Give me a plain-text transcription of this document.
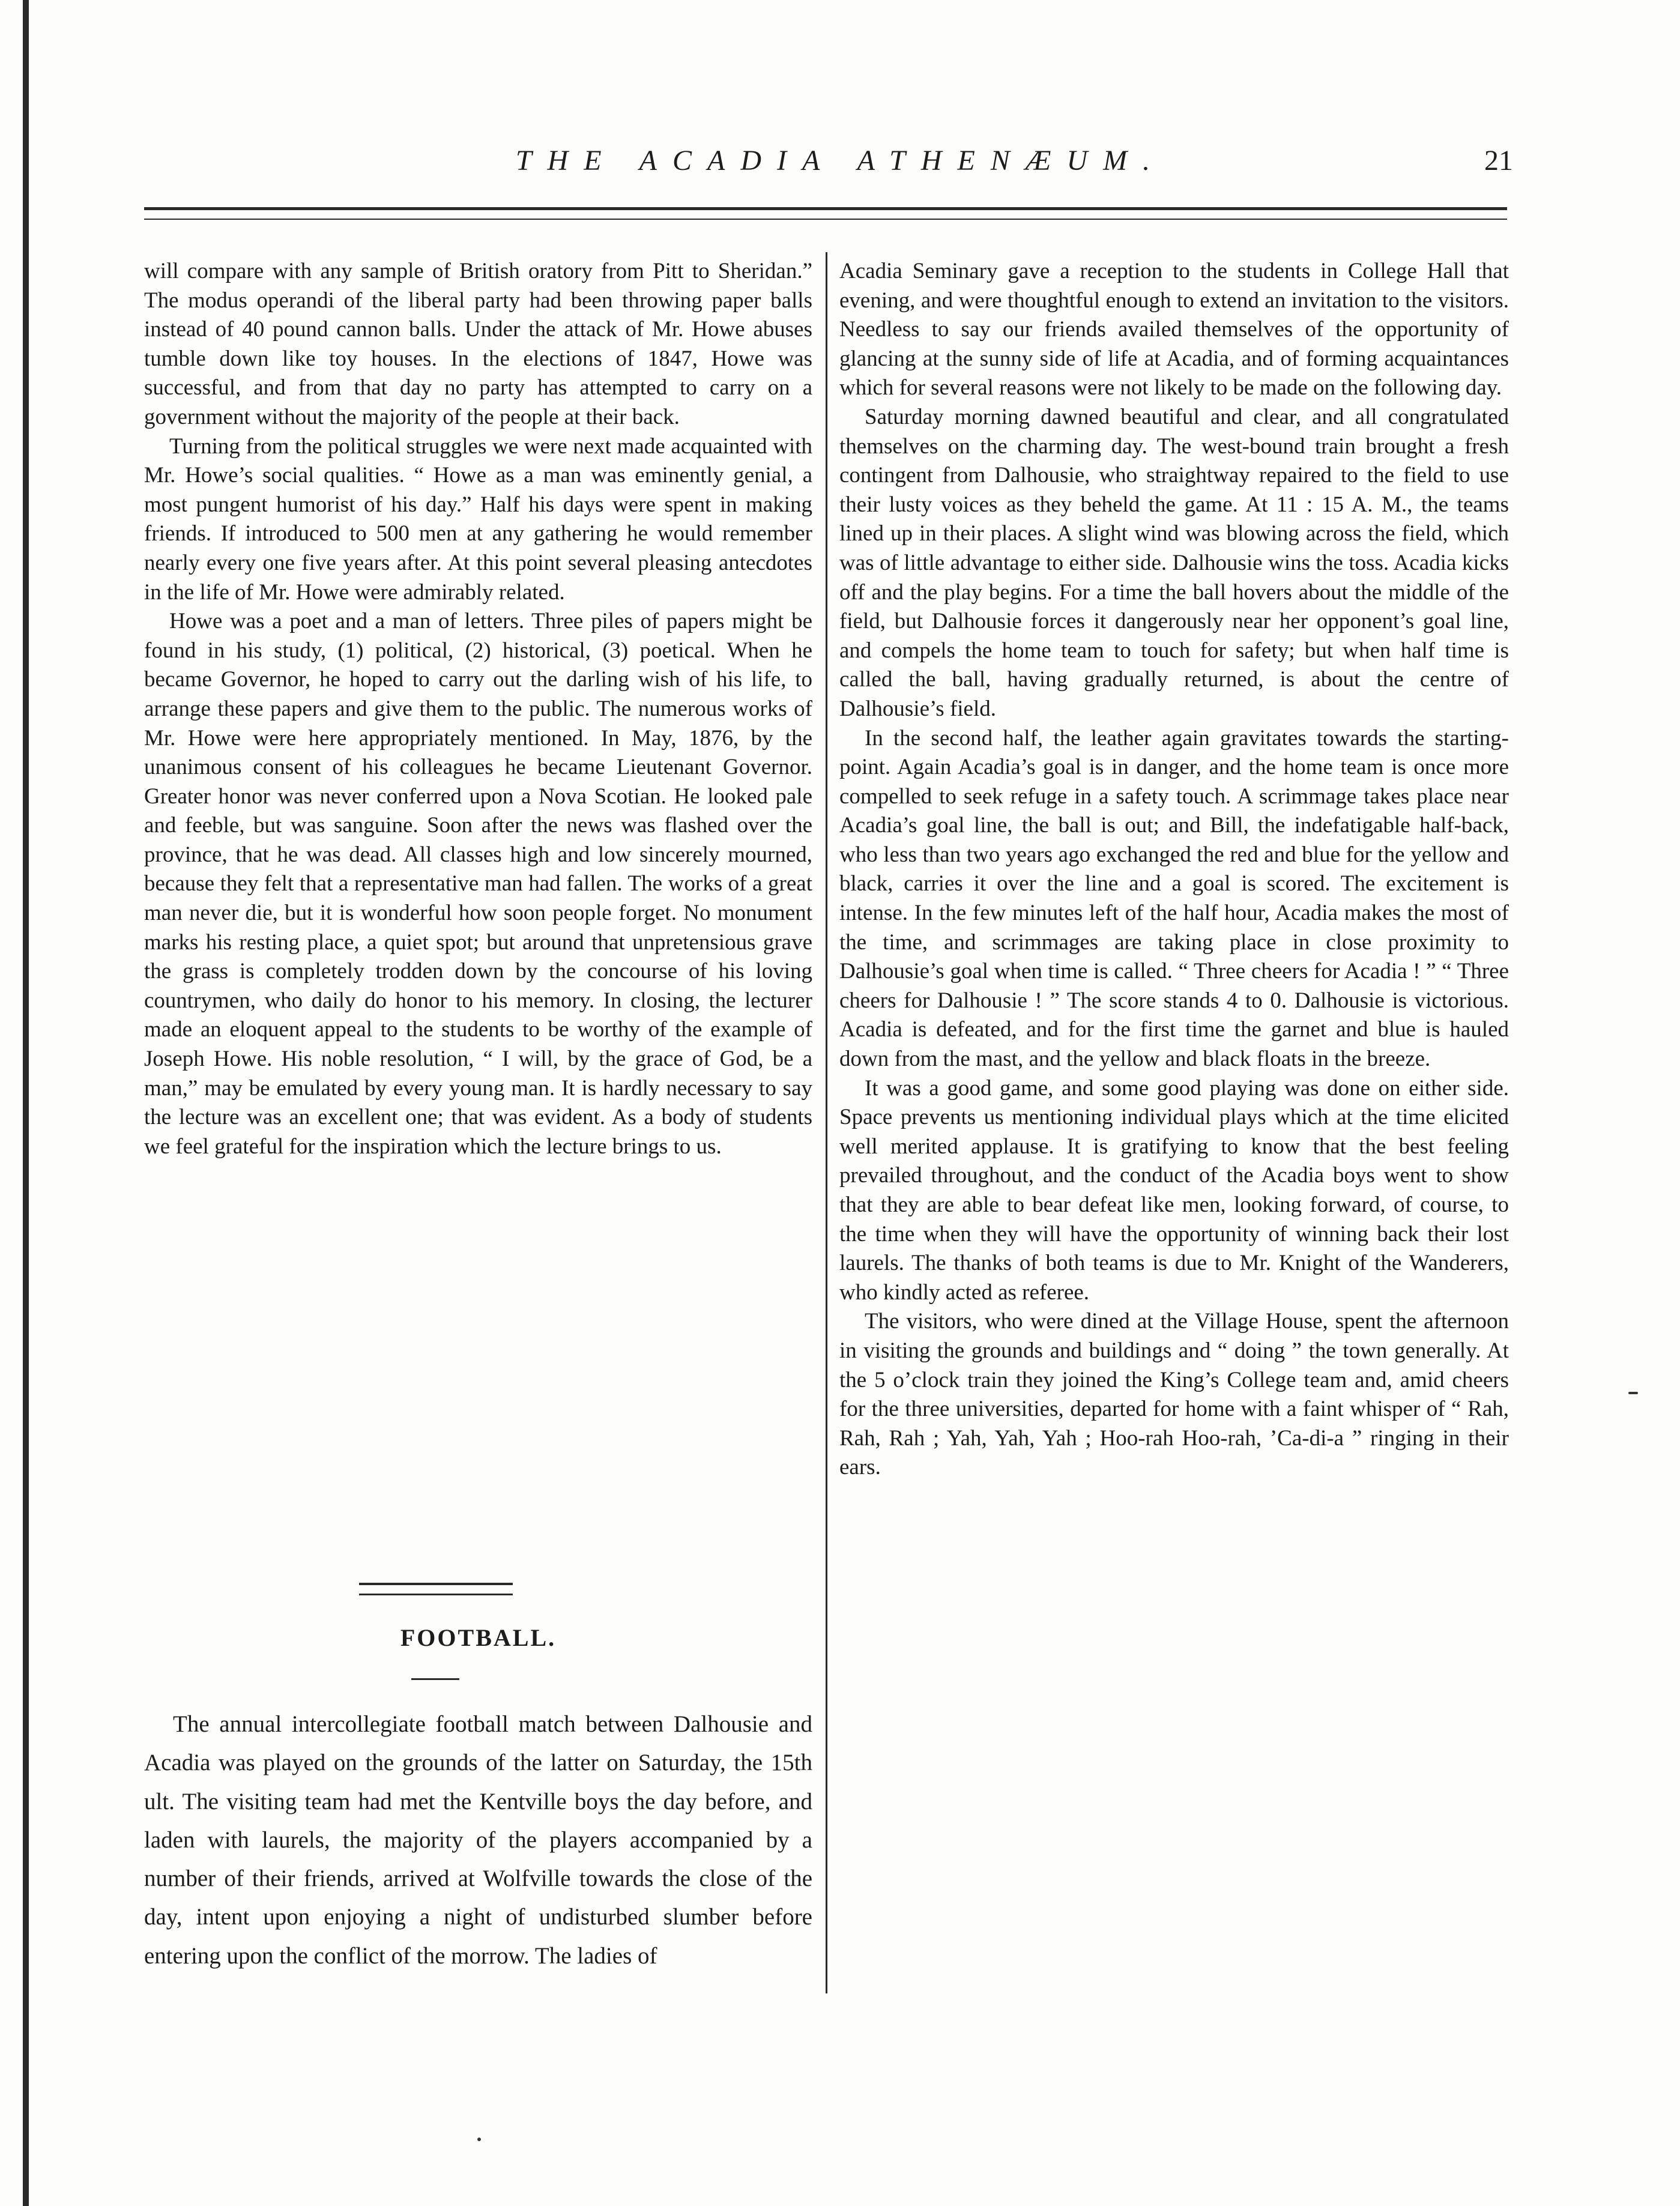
THE ACADIA ATHENÆUM.	21

will compare with any sample of British oratory from Pitt to Sheridan.” The modus operandi of the liberal party had been throwing paper balls instead of 40 pound cannon balls. Under the attack of Mr. Howe abuses tumble down like toy houses. In the elections of 1847, Howe was successful, and from that day no party has attempted to carry on a government without the majority of the people at their back.

Turning from the political struggles we were next made acquainted with Mr. Howe’s social qualities. “ Howe as a man was eminently genial, a most pungent humorist of his day.” Half his days were spent in making friends. If introduced to 500 men at any gathering he would remember nearly every one five years after. At this point several pleasing antecdotes in the life of Mr. Howe were admirably related.

Howe was a poet and a man of letters. Three piles of papers might be found in his study, (1) political, (2) historical, (3) poetical. When he became Governor, he hoped to carry out the darling wish of his life, to arrange these papers and give them to the public. The numerous works of Mr. Howe were here appropriately mentioned. In May, 1876, by the unanimous consent of his colleagues he became Lieutenant Governor. Greater honor was never conferred upon a Nova Scotian. He looked pale and feeble, but was sanguine. Soon after the news was flashed over the province, that he was dead. All classes high and low sincerely mourned, because they felt that a representative man had fallen. The works of a great man never die, but it is wonderful how soon people forget. No monument marks his resting place, a quiet spot; but around that unpretensious grave the grass is completely trodden down by the concourse of his loving countrymen, who daily do honor to his memory. In closing, the lecturer made an eloquent appeal to the students to be worthy of the example of Joseph Howe. His noble resolution, “ I will, by the grace of God, be a man,” may be emulated by every young man. It is hardly necessary to say the lecture was an excellent one; that was evident. As a body of students we feel grateful for the inspiration which the lecture brings to us.

FOOTBALL.

The annual intercollegiate football match between Dalhousie and Acadia was played on the grounds of the latter on Saturday, the 15th ult. The visiting team had met the Kentville boys the day before, and laden with laurels, the majority of the players accompanied by a number of their friends, arrived at Wolfville towards the close of the day, intent upon enjoying a night of undisturbed slumber before entering upon the conflict of the morrow. The ladies of

Acadia Seminary gave a reception to the students in College Hall that evening, and were thoughtful enough to extend an invitation to the visitors. Needless to say our friends availed themselves of the opportunity of glancing at the sunny side of life at Acadia, and of forming acquaintances which for several reasons were not likely to be made on the following day.

Saturday morning dawned beautiful and clear, and all congratulated themselves on the charming day. The west-bound train brought a fresh contingent from Dalhousie, who straightway repaired to the field to use their lusty voices as they beheld the game. At 11 : 15 A. M., the teams lined up in their places. A slight wind was blowing across the field, which was of little advantage to either side. Dalhousie wins the toss. Acadia kicks off and the play begins. For a time the ball hovers about the middle of the field, but Dalhousie forces it dangerously near her opponent’s goal line, and compels the home team to touch for safety; but when half time is called the ball, having gradually returned, is about the centre of Dalhousie’s field.

In the second half, the leather again gravitates towards the starting-point. Again Acadia’s goal is in danger, and the home team is once more compelled to seek refuge in a safety touch. A scrimmage takes place near Acadia’s goal line, the ball is out; and Bill, the indefatigable half-back, who less than two years ago exchanged the red and blue for the yellow and black, carries it over the line and a goal is scored. The excitement is intense. In the few minutes left of the half hour, Acadia makes the most of the time, and scrimmages are taking place in close proximity to Dalhousie’s goal when time is called. “ Three cheers for Acadia ! ” “ Three cheers for Dalhousie ! ” The score stands 4 to 0. Dalhousie is victorious. Acadia is defeated, and for the first time the garnet and blue is hauled down from the mast, and the yellow and black floats in the breeze.

It was a good game, and some good playing was done on either side. Space prevents us mentioning individual plays which at the time elicited well merited applause. It is gratifying to know that the best feeling prevailed throughout, and the conduct of the Acadia boys went to show that they are able to bear defeat like men, looking forward, of course, to the time when they will have the opportunity of winning back their lost laurels. The thanks of both teams is due to Mr. Knight of the Wanderers, who kindly acted as referee.

The visitors, who were dined at the Village House, spent the afternoon in visiting the grounds and buildings and “ doing ” the town generally. At the 5 o’clock train they joined the King’s College team and, amid cheers for the three universities, departed for home with a faint whisper of “ Rah, Rah, Rah ; Yah, Yah, Yah ; Hoo-rah Hoo-rah, ’Ca-di-a ” ringing in their ears.
